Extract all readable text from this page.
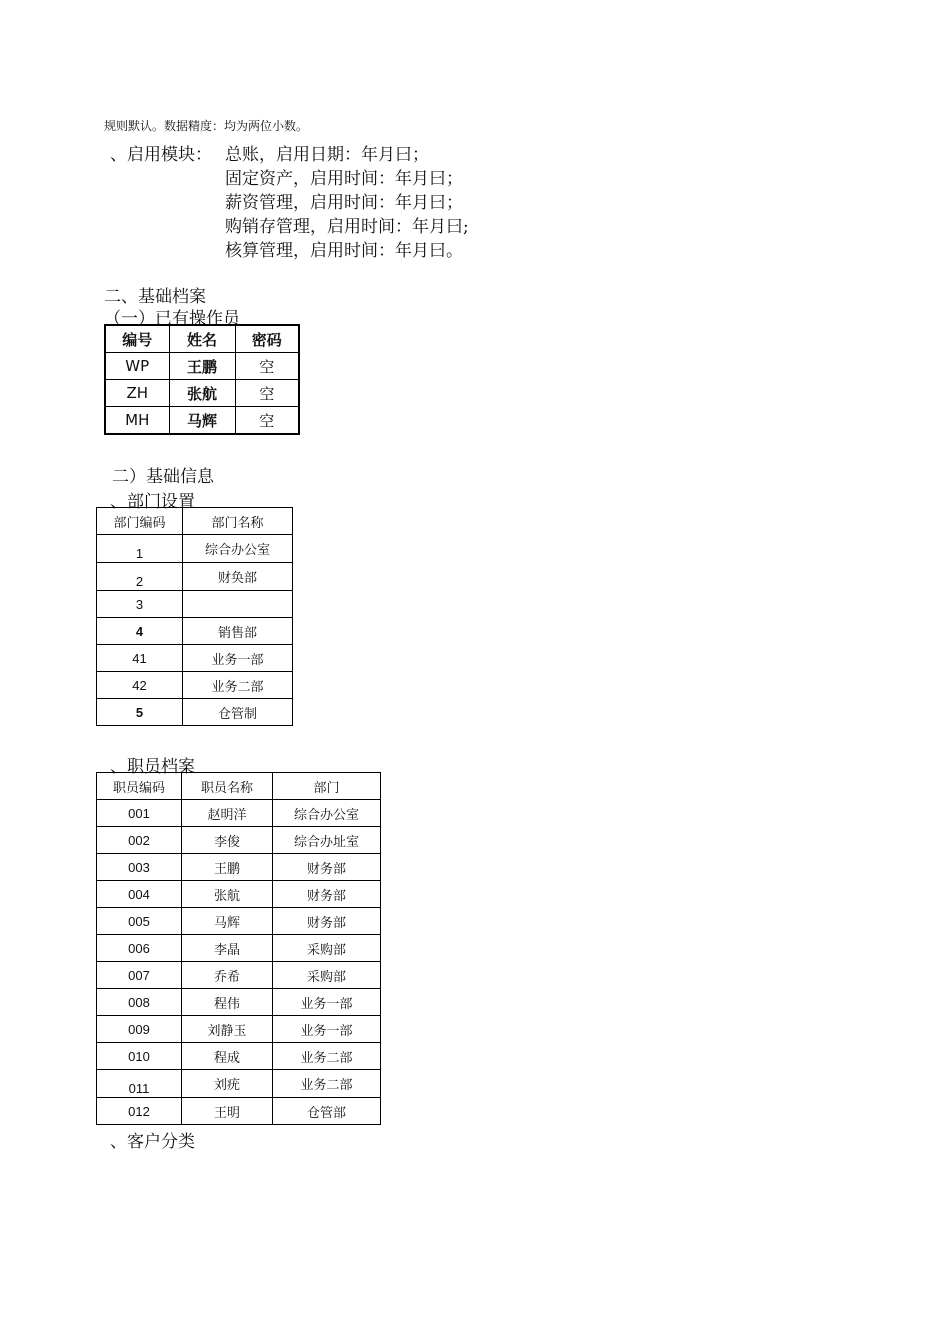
规则默认。数据精度：均为两位小数。
、启用模块： 总账，启用日期：年月曰；
固定资产，启用时间：年月曰；
薪资管理，启用时间：年月曰；
购销存管理，启用时间：年月曰;
核算管理，启用时间：年月曰。
二、基础档案
（一）已有操作员
编号	姓名	密码
WP	王鹏	空
ZH	张航	空
MH	马辉	空
二）基础信息
、部门设置
部门编码	部门名称
1	综合办公室
2	财奂部
3	
4	销售部
41	业务一部
42	业务二部
5	仓管制
、职员档案
职员编码	职员名称	部门
001	赵明洋	综合办公室
002	李俊	综合办址室
003	王鹏	财务部
004	张航	财务部
005	马辉	财务部
006	李晶	采购部
007	乔希	采购部
008	程伟	业务一部
009	刘静玉	业务一部
010	程成	业务二部
011	刘疣	业务二部
012	王明	仓管部
、客户分类
